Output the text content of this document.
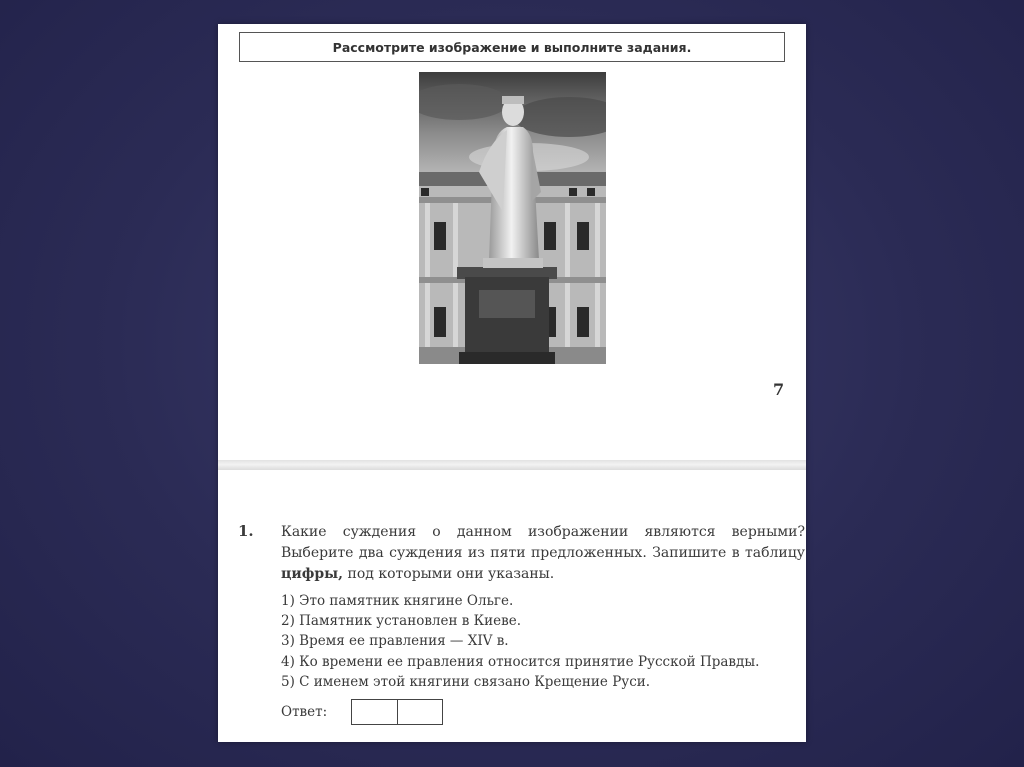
Рассмотрите изображение и выполните задания.
7
1. Какие суждения о данном изображении являются верными? Выберите два суждения из пяти предложенных. Запишите в таблицу цифры, под которыми они указаны.
1) Это памятник княгине Ольге.
2) Памятник установлен в Киеве.
3) Время ее правления — XIV в.
4) Ко времени ее правления относится принятие Русской Правды.
5) С именем этой княгини связано Крещение Руси.
Ответ:
